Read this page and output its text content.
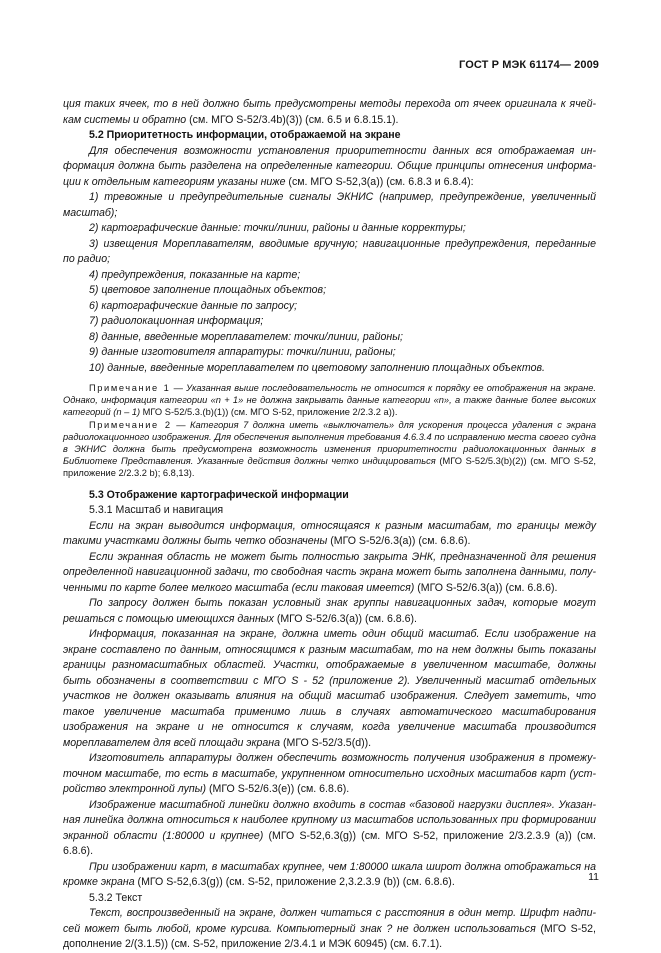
ГОСТ Р МЭК 61174— 2009

ция таких ячеек, то в ней должно быть предусмотрены методы перехода от ячеек оригинала к ячейкам системы и обратно (см. МГО S-52/3.4b)(3)) (см. 6.5 и 6.8.15.1).

5.2 Приоритетность информации, отображаемой на экране

Для обеспечения возможности установления приоритетности данных вся отображаемая информация должна быть разделена на определенные категории. Общие принципы отнесения информации к отдельным категориям указаны ниже (см. МГО S-52,3(а)) (см. 6.8.3 и 6.8.4):

1) тревожные и предупредительные сигналы ЭКНИС (например, предупреждение, увеличенный масштаб);

2) картографические данные: точки/линии, районы и данные корректуры;

3) извещения Мореплавателям, вводимые вручную; навигационные предупреждения, переданные по радио;

4) предупреждения, показанные на карте;

5) цветовое заполнение площадных объектов;

6) картографические данные по запросу;

7) радиолокационная информация;

8) данные, введенные мореплавателем: точки/линии, районы;

9) данные изготовителя аппаратуры: точки/линии, районы;

10) данные, введенные мореплавателем по цветовому заполнению площадных объектов.

Примечание 1 — Указанная выше последовательность не относится к порядку ее отображения на экране. Однако, информация категории «n + 1» не должна закрывать данные категории «n», а также данные более высоких категорий (n – 1) МГО S-52/5.3.(b)(1)) (см. МГО S-52, приложение 2/2.3.2 a)).

Примечание 2 — Категория 7 должна иметь «выключатель» для ускорения процесса удаления с экрана радиолокационного изображения. Для обеспечения выполнения требования 4.6.3.4 по исправлению места своего судна в ЭКНИС должна быть предусмотрена возможность изменения приоритетности радиолокационных данных в Библиотеке Представления. Указанные действия должны четко индицироваться (МГО S-52/5.3(b)(2)) (см. МГО S-52, приложение 2/2.3.2 b); 6.8,13).

5.3 Отображение картографической информации

5.3.1 Масштаб и навигация

Если на экран выводится информация, относящаяся к разным масштабам, то границы между такими участками должны быть четко обозначены (МГО S-52/6.3(а)) (см. 6.8.6).

Если экранная область не может быть полностью закрыта ЭНК, предназначенной для решения определенной навигационной задачи, то свободная часть экрана может быть заполнена данными, полученными по карте более мелкого масштаба (если таковая имеется) (МГО S-52/6.3(а)) (см. 6.8.6).

По запросу должен быть показан условный знак группы навигационных задач, которые могут решаться с помощью имеющихся данных (МГО S-52/6.3(а)) (см. 6.8.6).

Информация, показанная на экране, должна иметь один общий масштаб. Если изображение на экране составлено по данным, относящимся к разным масштабам, то на нем должны быть показаны границы разномасштабных областей. Участки, отображаемые в увеличенном масштабе, должны быть обозначены в соответствии с МГО S - 52 (приложение 2). Увеличенный масштаб отдельных участков не должен оказывать влияния на общий масштаб изображения. Следует заметить, что такое увеличение масштаба применимо лишь в случаях автоматического масштабирования изображения на экране и не относится к случаям, когда увеличение масштаба производится мореплавателем для всей площади экрана (МГО S-52/3.5(d)).

Изготовитель аппаратуры должен обеспечить возможность получения изображения в промежуточном масштабе, то есть в масштабе, укрупненном относительно исходных масштабов карт (устройство электронной лупы) (МГО S-52/6.3(е)) (см. 6.8.6).

Изображение масштабной линейки должно входить в состав «базовой нагрузки дисплея». Указанная линейка должна относиться к наиболее крупному из масштабов использованных при формировании экранной области (1:80000 и крупнее) (МГО S-52,6.3(g)) (см. МГО S-52, приложение 2/3.2.3.9 (a)) (см. 6.8.6).

При изображении карт, в масштабах крупнее, чем 1:80000 шкала широт должна отображаться на кромке экрана (МГО S-52,6.3(g)) (см. S-52, приложение 2,3.2.3.9 (b)) (см. 6.8.6).

5.3.2 Текст

Текст, воспроизведенный на экране, должен читаться с расстояния в один метр. Шрифт надписей может быть любой, кроме курсива. Компьютерный знак ? не должен использоваться (МГО S-52, дополнение 2/(3.1.5)) (см. S-52, приложение 2/3.4.1 и МЭК 60945) (см. 6.7.1).

11
